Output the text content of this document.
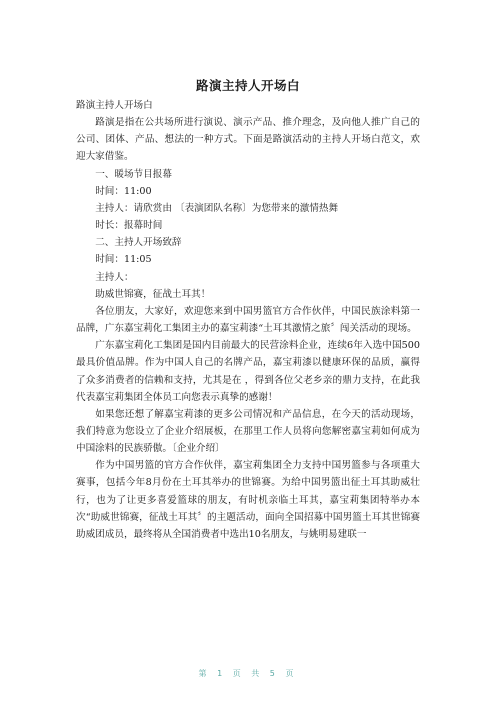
路演主持人开场白

路演主持人开场白

路演是指在公共场所进行演说、演示产品、推介理念，及向他人推广自己的公司、团体、产品、想法的一种方式。下面是路演活动的主持人开场白范文，欢迎大家借鉴。

一、暖场节目报幕

时间：11:00

主持人：请欣赏由 〔表演团队名称〕为您带来的激情热舞

时长：报幕时间

二、主持人开场致辞

时间：11:05

主持人：

助威世锦赛，征战土耳其！

各位朋友，大家好，欢迎您来到中国男篮官方合作伙伴，中国民族涂料第一品牌，广东嘉宝莉化工集团主办的嘉宝莉漆“土耳其激情之旅〞闯关活动的现场。

广东嘉宝莉化工集团是国内目前最大的民营涂料企业，连续6年入选中国500最具价值品牌。作为中国人自己的名牌产品，嘉宝莉漆以健康环保的品质，赢得了众多消费者的信赖和支持，尤其是在 ，得到各位父老乡亲的鼎力支持，在此我代表嘉宝莉集团全体员工向您表示真挚的感谢！

如果您还想了解嘉宝莉漆的更多公司情况和产品信息，在今天的活动现场，我们特意为您设立了企业介绍展板，在那里工作人员将向您解密嘉宝莉如何成为中国涂料的民族骄傲。〔企业介绍〕

作为中国男篮的官方合作伙伴，嘉宝莉集团全力支持中国男篮参与各项重大赛事，包括今年8月份在土耳其举办的世锦赛。为给中国男篮出征土耳其助威壮行，也为了让更多喜爱篮球的朋友，有时机亲临土耳其，嘉宝莉集团特举办本次“助威世锦赛，征战土耳其〞的主题活动，面向全国招募中国男篮土耳其世锦赛助威团成员，最终将从全国消费者中选出10名朋友，与姚明易建联一

第 1 页 共 5 页
